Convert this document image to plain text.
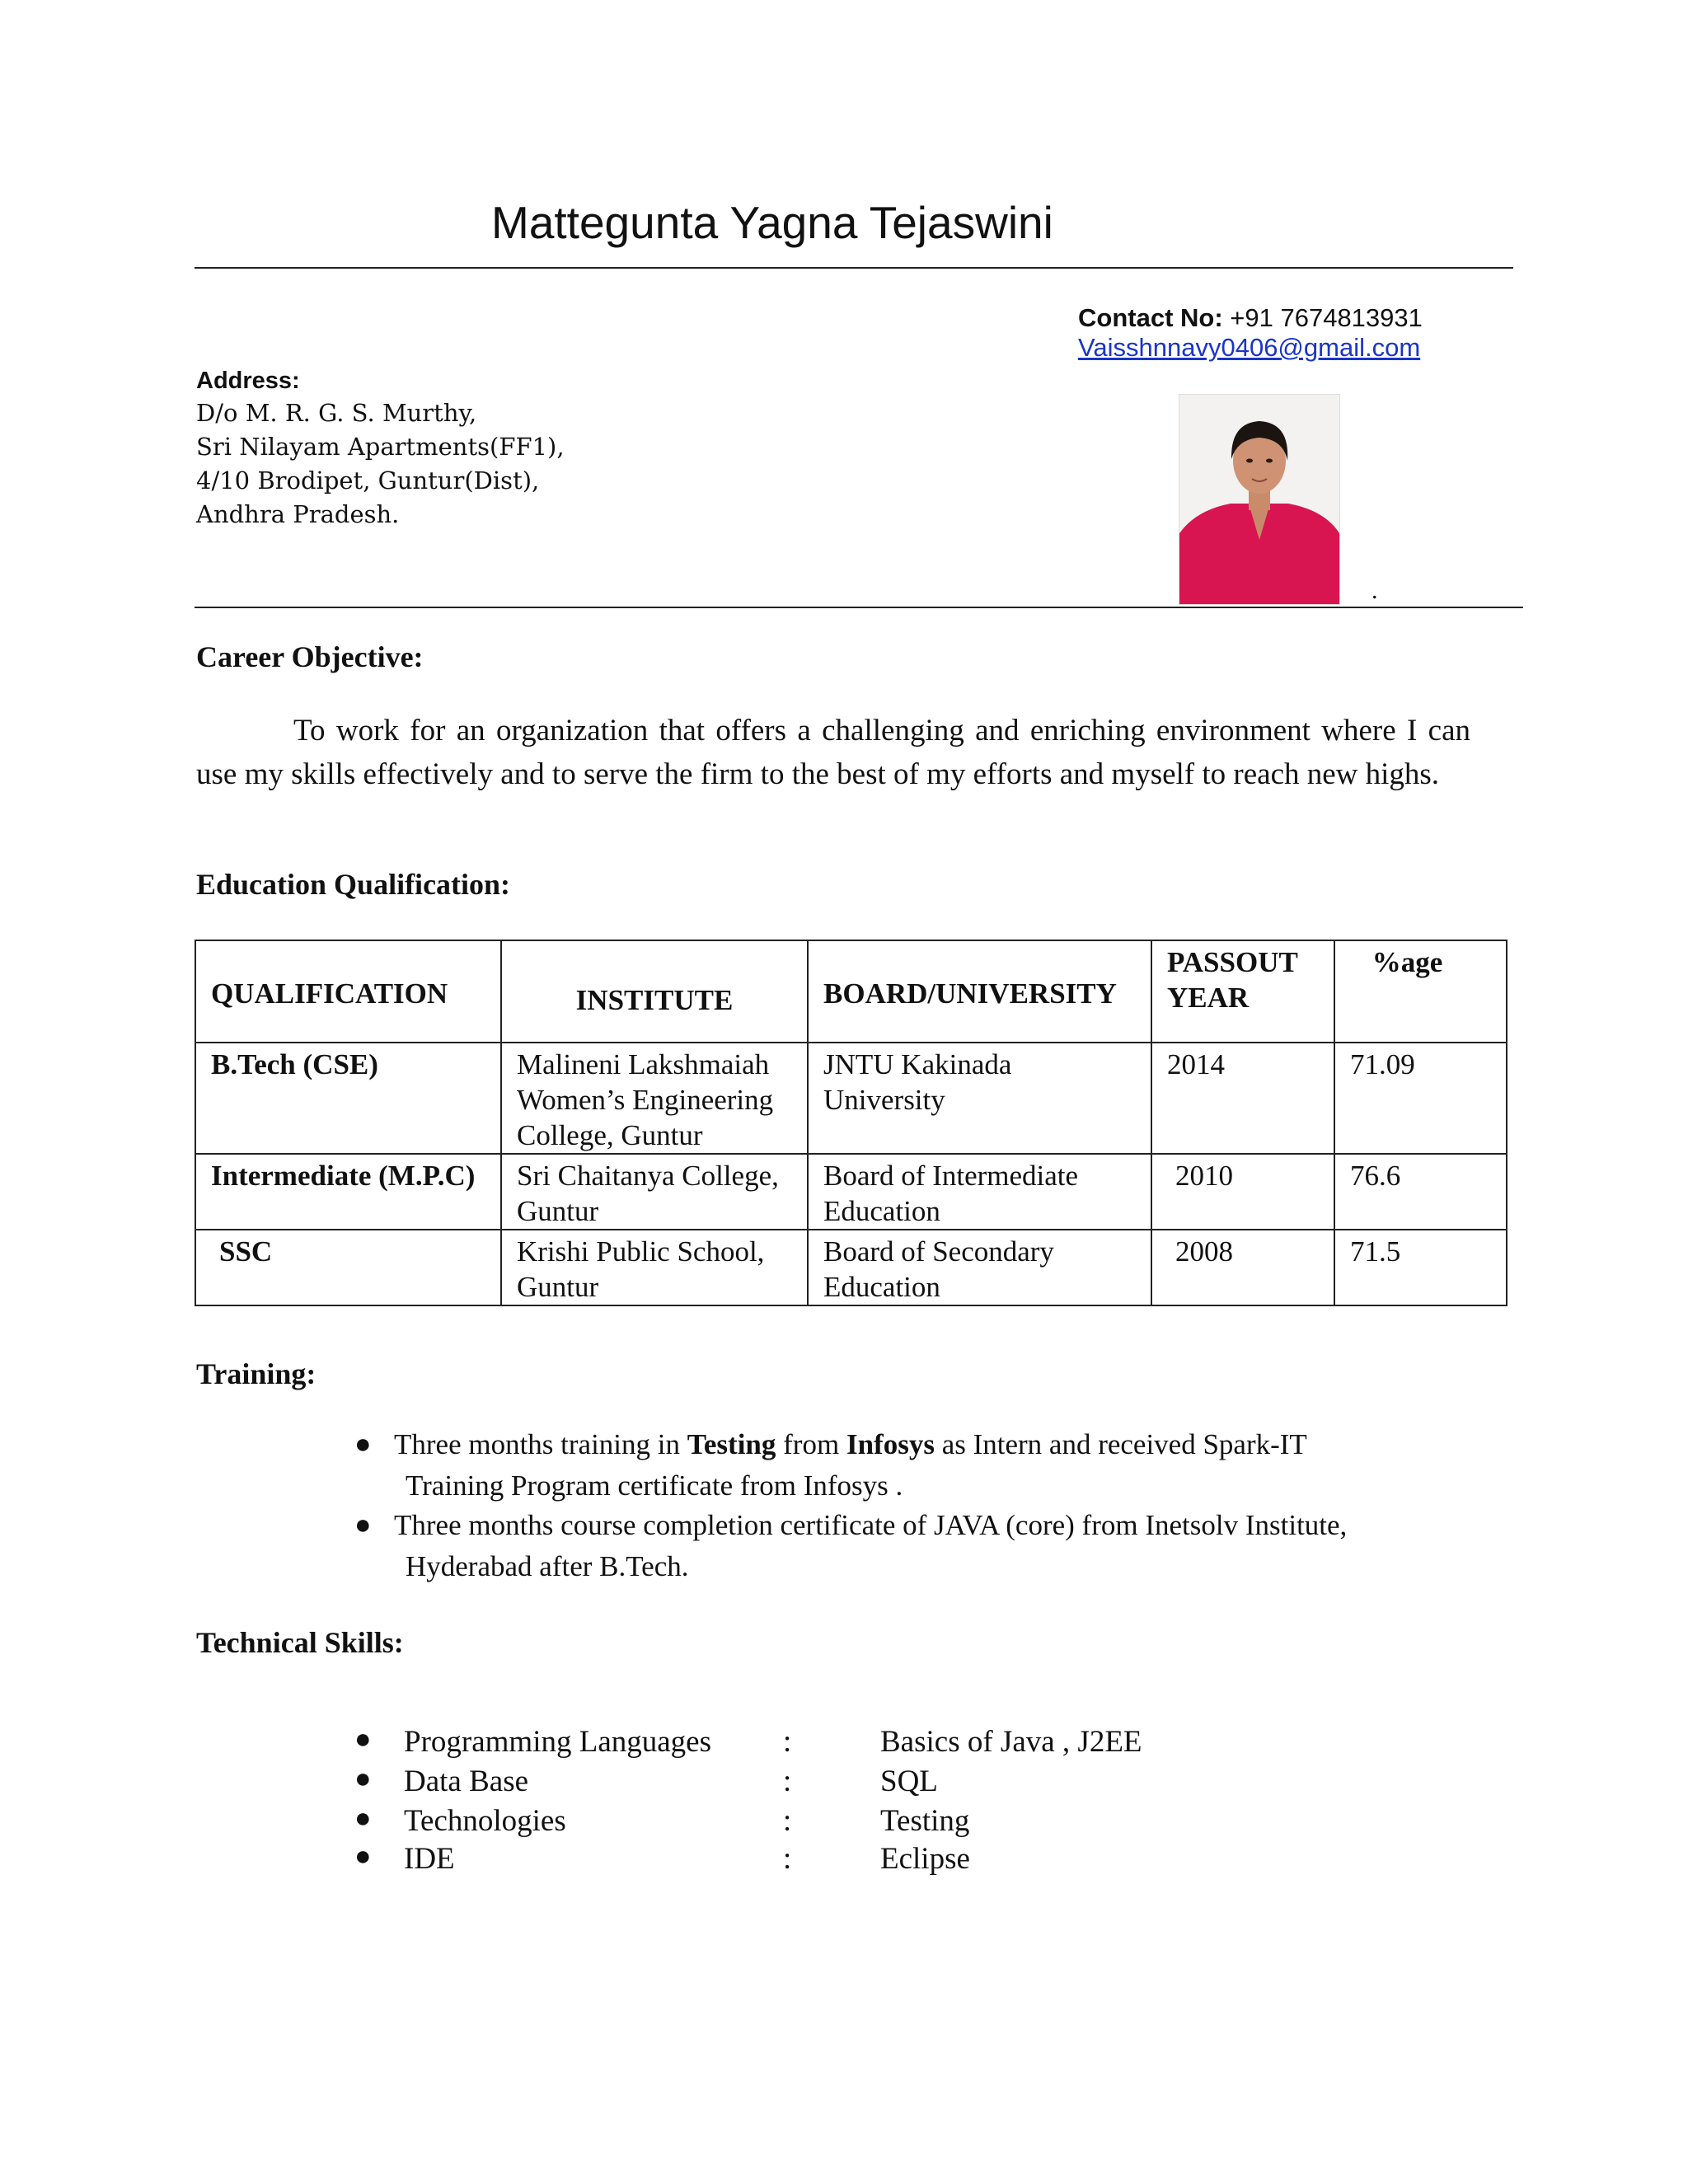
Mattegunta Yagna Tejaswini
Contact No: +91 7674813931
Vaisshnnavy0406@gmail.com
Address:
D/o M. R. G. S. Murthy,
Sri Nilayam Apartments(FF1),
4/10 Brodipet, Guntur(Dist),
Andhra Pradesh.
.
Career Objective:
To work for an organization that offers a challenging and enriching environment where I can use my skills effectively and to serve the firm to the best of my efforts and myself to reach new highs.
Education Qualification:
QUALIFICATION	INSTITUTE	BOARD/UNIVERSITY	PASSOUT YEAR	%age
B.Tech (CSE)	Malineni Lakshmaiah Women’s Engineering College, Guntur	JNTU Kakinada University	2014	71.09
Intermediate (M.P.C)	Sri Chaitanya College, Guntur	Board of Intermediate Education	2010	76.6
SSC	Krishi Public School, Guntur	Board of Secondary Education	2008	71.5
Training:
● Three months training in Testing from Infosys as Intern and received Spark-IT
Training Program certificate from Infosys .
● Three months course completion certificate of JAVA (core) from Inetsolv Institute,
Hyderabad after B.Tech.
Technical Skills:
● Programming Languages :	Basics of Java , J2EE
● Data Base	:	SQL
● Technologies	:	Testing
● IDE	:	Eclipse
